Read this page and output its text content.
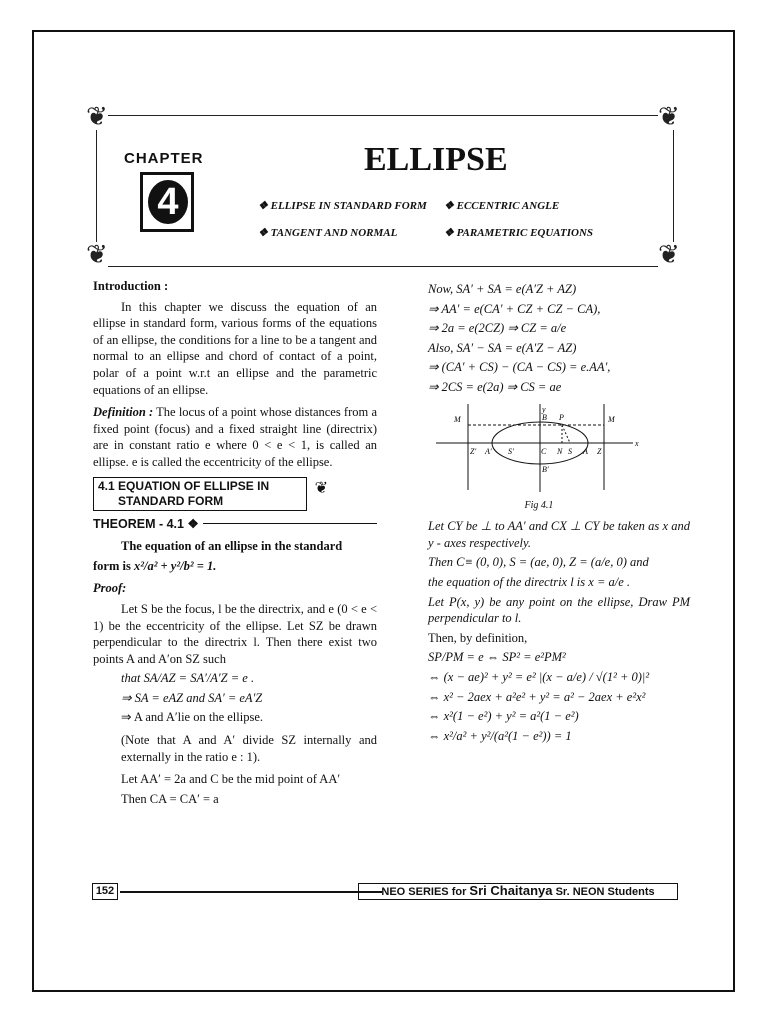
❦	❦
❦	❦
CHAPTER
4
ELLIPSE
❖ ELLIPSE IN STANDARD FORM ❖ ECCENTRIC ANGLE
❖ TANGENT AND NORMAL	❖ PARAMETRIC EQUATIONS

Introduction :

In this chapter we discuss the equation of an ellipse in standard form, various forms of the equations of an ellipse, the conditions for a line to be a tangent and normal to an ellipse and chord of contact of a point, polar of a point w.r.t an ellipse and the parametric equations of an ellipse.

Definition : The locus of a point whose distances from a fixed point (focus) and a fixed straight line (directrix) are in constant ratio e where 0 < e < 1, is called an ellipse. e is called the eccentricity of the ellipse.

4.1 EQUATION OF ELLIPSE IN
STANDARD FORM
❦
THEOREM - 4.1 ❖

The equation of an ellipse in the standard

form is x²/a² + y²/b² = 1.

Proof:

Let S be the focus, l be the directrix, and e (0 < e < 1) be the eccentricity of the ellipse. Let SZ be drawn perpendicular to the directrix l. Then there exist two points A and A′on SZ such

that SA/AZ = SA′/A′Z = e .

⇒ SA = eAZ and SA′ = eA′Z

⇒ A and A′lie on the ellipse.

(Note that A and A′ divide SZ internally and externally in the ratio e : 1).

Let AA′ = 2a and C be the mid point of AA′

Then CA = CA′ = a

Now, SA′ + SA = e(A′Z + AZ)

⇒ AA′ = e(CA′ + CZ + CZ − CA),

⇒ 2a = e(2CZ) ⇒ CZ = a/e

Also, SA′ − SA = e(A′Z − AZ)

⇒ (CA′ + CS) − (CA − CS) = e.AA′,

⇒ 2CS = e(2a) ⇒ CS = ae

M	M
y
B P
B′
Z′ A′ S′	C N S A Z
x

Fig 4.1

Let CY be ⊥ to AA′ and CX ⊥ CY be taken as x and y - axes respectively.

Then C≡ (0, 0), S = (ae, 0), Z = (a/e, 0) and

the equation of the directrix l is x = a/e .

Let P(x, y) be any point on the ellipse, Draw PM perpendicular to l.

Then, by definition,

SP/PM = e ⇔ SP² = e²PM²

⇔ (x − ae)² + y² = e² |(x − a/e) / √(1² + 0)|²

⇔ x² − 2aex + a²e² + y² = a² − 2aex + e²x²

⇔ x²(1 − e²) + y² = a²(1 − e²)

⇔ x²/a² + y²/(a²(1 − e²)) = 1

152	NEO SERIES for Sri Chaitanya Sr. NEON Students
